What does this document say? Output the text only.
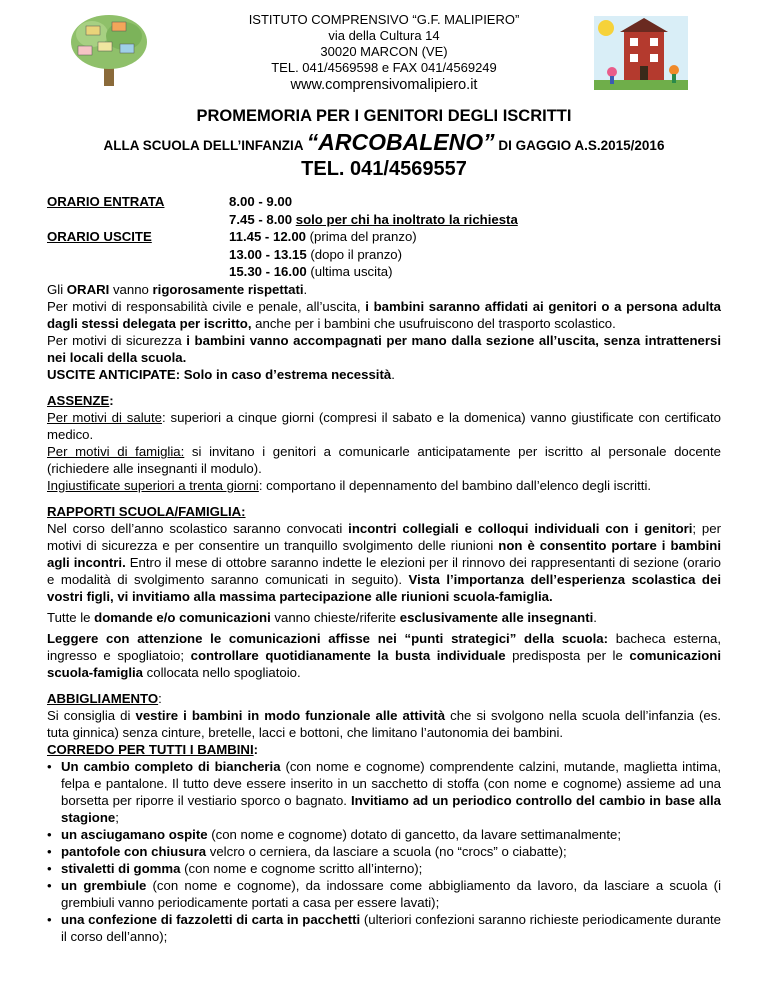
ISTITUTO COMPRENSIVO “G.F. MALIPIERO”
via della Cultura 14
30020 MARCON (VE)
TEL. 041/4569598 e FAX 041/4569249
www.comprensivomalipiero.it
PROMEMORIA PER I GENITORI DEGLI ISCRITTI
ALLA SCUOLA DELL’INFANZIA “ARCOBALENO” DI GAGGIO A.S.2015/2016
TEL. 041/4569557
ORARIO ENTRATA
ORARIO USCITE
8.00 - 9.00
7.45 - 8.00 solo per chi ha inoltrato la richiesta
11.45 - 12.00 (prima del pranzo)
13.00 - 13.15 (dopo il pranzo)
15.30 - 16.00 (ultima uscita)

Gli ORARI vanno rigorosamente rispettati.

Per motivi di responsabilità civile e penale, all’uscita, i bambini saranno affidati ai genitori o a persona adulta dagli stessi delegata per iscritto, anche per i bambini che usufruiscono del trasporto scolastico.

Per motivi di sicurezza i bambini vanno accompagnati per mano dalla sezione all’uscita, senza intrattenersi nei locali della scuola.

USCITE ANTICIPATE: Solo in caso d’estrema necessità.

ASSENZE:

Per motivi di salute: superiori a cinque giorni (compresi il sabato e la domenica) vanno giustificate con certificato medico.

Per motivi di famiglia: si invitano i genitori a comunicarle anticipatamente per iscritto al personale docente (richiedere alle insegnanti il modulo).

Ingiustificate superiori a trenta giorni: comportano il depennamento del bambino dall’elenco degli iscritti.

RAPPORTI SCUOLA/FAMIGLIA:

Nel corso dell’anno scolastico saranno convocati incontri collegiali e colloqui individuali con i genitori; per motivi di sicurezza e per consentire un tranquillo svolgimento delle riunioni non è consentito portare i bambini agli incontri. Entro il mese di ottobre saranno indette le elezioni per il rinnovo dei rappresentanti di sezione (orario e modalità di svolgimento saranno comunicati in seguito). Vista l’importanza dell’esperienza scolastica dei vostri figli, vi invitiamo alla massima partecipazione alle riunioni scuola-famiglia.

Tutte le domande e/o comunicazioni vanno chieste/riferite esclusivamente alle insegnanti.

Leggere con attenzione le comunicazioni affisse nei “punti strategici” della scuola: bacheca esterna, ingresso e spogliatoio; controllare quotidianamente la busta individuale predisposta per le comunicazioni scuola-famiglia collocata nello spogliatoio.

ABBIGLIAMENTO:

Si consiglia di vestire i bambini in modo funzionale alle attività che si svolgono nella scuola dell’infanzia (es. tuta ginnica) senza cinture, bretelle, lacci e bottoni, che limitano l’autonomia dei bambini.

CORREDO PER TUTTI I BAMBINI:

• Un cambio completo di biancheria (con nome e cognome) comprendente calzini, mutande, maglietta intima, felpa e pantalone. Il tutto deve essere inserito in un sacchetto di stoffa (con nome e cognome) assieme ad una borsetta per riporre il vestiario sporco o bagnato. Invitiamo ad un periodico controllo del cambio in base alla stagione;
• un asciugamano ospite (con nome e cognome) dotato di gancetto, da lavare settimanalmente;
• pantofole con chiusura velcro o cerniera, da lasciare a scuola (no “crocs” o ciabatte);
• stivaletti di gomma (con nome e cognome scritto all’interno);
• un grembiule (con nome e cognome), da indossare come abbigliamento da lavoro, da lasciare a scuola (i grembiuli vanno periodicamente portati a casa per essere lavati);
• una confezione di fazzoletti di carta in pacchetti (ulteriori confezioni saranno richieste periodicamente durante il corso dell’anno);
